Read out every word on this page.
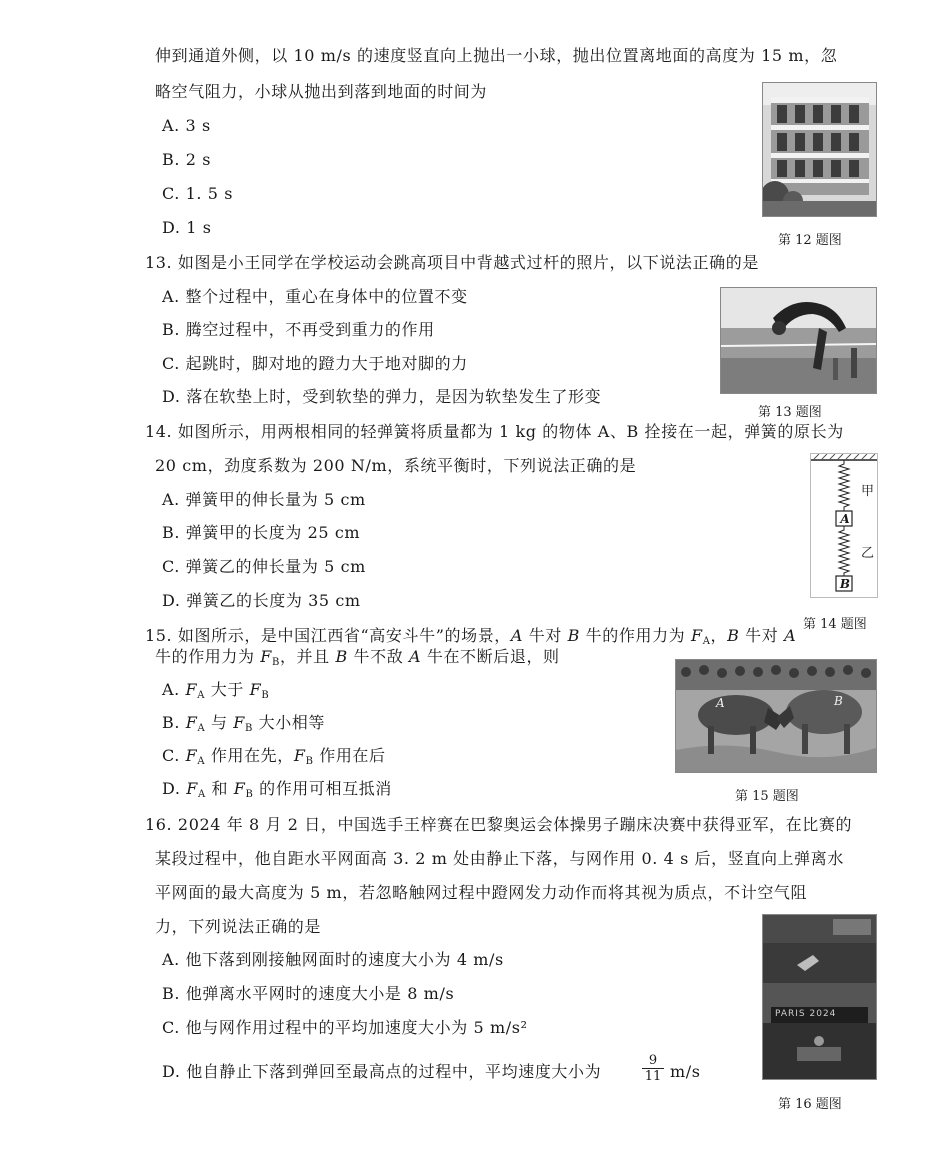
伸到通道外侧，以 10 m/s 的速度竖直向上抛出一小球，抛出位置离地面的高度为 15 m，忽
略空气阻力，小球从抛出到落到地面的时间为
A. 3 s
B. 2 s
C. 1. 5 s
D. 1 s
第 12 题图
13. 如图是小王同学在学校运动会跳高项目中背越式过杆的照片，以下说法正确的是
A. 整个过程中，重心在身体中的位置不变
B. 腾空过程中，不再受到重力的作用
C. 起跳时，脚对地的蹬力大于地对脚的力
D. 落在软垫上时，受到软垫的弹力，是因为软垫发生了形变
第 13 题图
14. 如图所示，用两根相同的轻弹簧将质量都为 1 kg 的物体 A、B 拴接在一起，弹簧的原长为
20 cm，劲度系数为 200 N/m，系统平衡时，下列说法正确的是
A. 弹簧甲的伸长量为 5 cm
B. 弹簧甲的长度为 25 cm
C. 弹簧乙的伸长量为 5 cm
D. 弹簧乙的长度为 35 cm
甲
A
乙
B
第 14 题图
15. 如图所示，是中国江西省“高安斗牛”的场景，A 牛对 B 牛的作用力为 $F_A$，B 牛对 A
牛的作用力为 $F_B$，并且 B 牛不敌 A 牛在不断后退，则
A. $F_A$ 大于 $F_B$
B. $F_A$ 与 $F_B$ 大小相等
C. $F_A$ 作用在先，$F_B$ 作用在后
D. $F_A$ 和 $F_B$ 的作用可相互抵消
A	B
第 15 题图
16. 2024 年 8 月 2 日，中国选手王梓赛在巴黎奥运会体操男子蹦床决赛中获得亚军，在比赛的
某段过程中，他自距水平网面高 3. 2 m 处由静止下落，与网作用 0. 4 s 后，竖直向上弹离水
平网面的最大高度为 5 m，若忽略触网过程中蹬网发力动作而将其视为质点，不计空气阻
力，下列说法正确的是
A. 他下落到刚接触网面时的速度大小为 4 m/s
B. 他弹离水平网时的速度大小是 8 m/s
C. 他与网作用过程中的平均加速度大小为 5 m/s²
D. 他自静止下落到弹回至最高点的过程中，平均速度大小为	$\frac{9}{11} m/s$
PARIS 2024
第 16 题图
